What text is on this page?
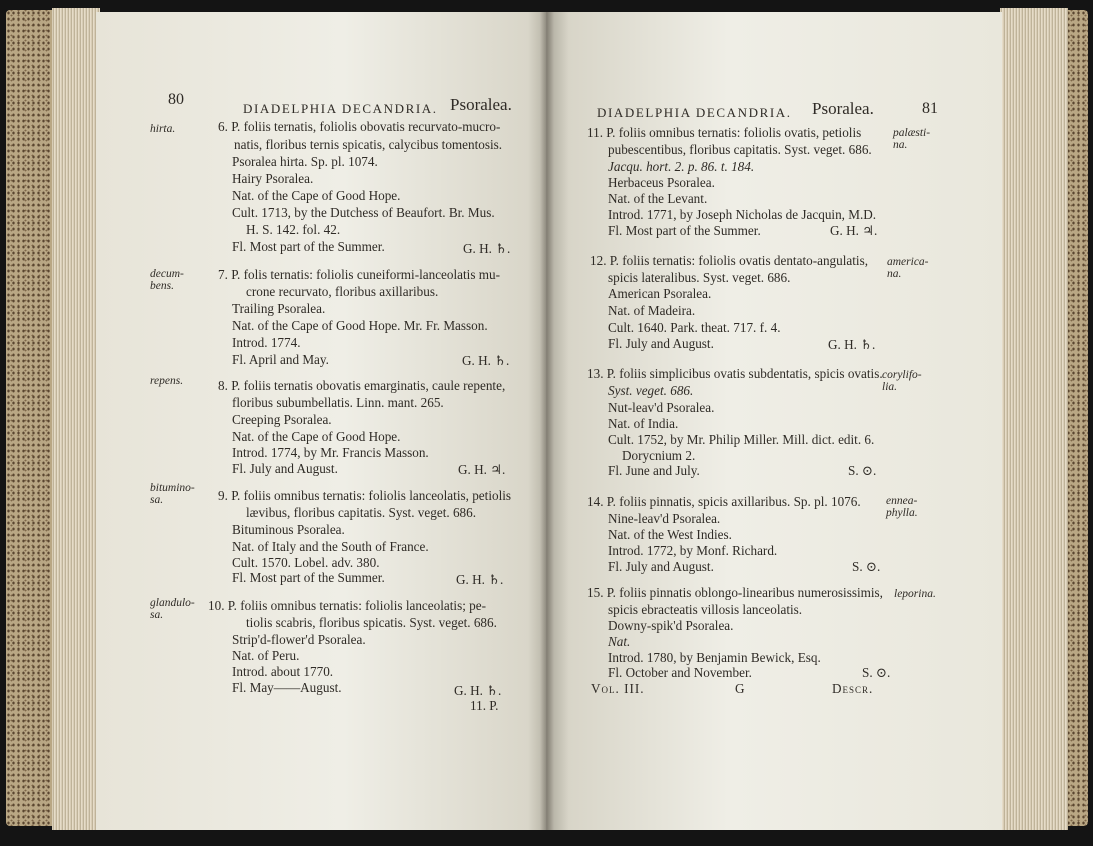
80
DIADELPHIA DECANDRIA. Psoralea.
hirta.	6. P. foliis ternatis, foliolis obovatis recurvato-mucro-
natis, floribus ternis spicatis, calycibus tomentosis.
Psoralea hirta. Sp. pl. 1074.
Hairy Psoralea.
Nat. of the Cape of Good Hope.
Cult. 1713, by the Dutchess of Beaufort. Br. Mus.
H. S. 142. fol. 42.
Fl. Most part of the Summer.	G. H. ♄.
decum-
bens.
7. P. folis ternatis: foliolis cuneiformi-lanceolatis mu-
crone recurvato, floribus axillaribus.
Trailing Psoralea.
Nat. of the Cape of Good Hope. Mr. Fr. Masson.
Introd. 1774.
Fl. April and May.	G. H. ♄.
repens.	8. P. foliis ternatis obovatis emarginatis, caule repente,
floribus subumbellatis. Linn. mant. 265.
Creeping Psoralea.
Nat. of the Cape of Good Hope.
Introd. 1774, by Mr. Francis Masson.
Fl. July and August.	G. H. ♃.
bitumino-
sa.	9. P. foliis omnibus ternatis: foliolis lanceolatis, petiolis
lævibus, floribus capitatis. Syst. veget. 686.
Bituminous Psoralea.
Nat. of Italy and the South of France.
Cult. 1570. Lobel. adv. 380.
Fl. Most part of the Summer.	G. H. ♄.
glandulo-
sa.
10. P. foliis omnibus ternatis: foliolis lanceolatis; pe-
tiolis scabris, floribus spicatis. Syst. veget. 686.
Strip'd-flower'd Psoralea.
Nat. of Peru.
Introd. about 1770.
Fl. May——August.	G. H. ♄.
11. P.
DIADELPHIA DECANDRIA. Psoralea.	81
palæsti-
na.
11. P. foliis omnibus ternatis: foliolis ovatis, petiolis
pubescentibus, floribus capitatis. Syst. veget. 686.
Jacqu. hort. 2. p. 86. t. 184.
Herbaceus Psoralea.
Nat. of the Levant.
Introd. 1771, by Joseph Nicholas de Jacquin, M.D.
Fl. Most part of the Summer.	G. H. ♃.
america-
na.
12. P. foliis ternatis: foliolis ovatis dentato-angulatis,
spicis lateralibus. Syst. veget. 686.
American Psoralea.
Nat. of Madeira.
Cult. 1640. Park. theat. 717. f. 4.
Fl. July and August.	G. H. ♄.
corylifo-
lia.
13. P. foliis simplicibus ovatis subdentatis, spicis ovatis.
Syst. veget. 686.
Nut-leav'd Psoralea.
Nat. of India.
Cult. 1752, by Mr. Philip Miller. Mill. dict. edit. 6.
Dorycnium 2.
Fl. June and July.	S. ⊙.
ennea-
phylla.
14. P. foliis pinnatis, spicis axillaribus. Sp. pl. 1076.
Nine-leav'd Psoralea.
Nat. of the West Indies.
Introd. 1772, by Monf. Richard.
Fl. July and August.	S. ⊙.
leporina.
15. P. foliis pinnatis oblongo-linearibus numerosissimis,
spicis ebracteatis villosis lanceolatis.
Downy-spik'd Psoralea.
Nat.
Introd. 1780, by Benjamin Bewick, Esq.
Fl. October and November.	S. ⊙.
Vol. III.	G	Descr.
